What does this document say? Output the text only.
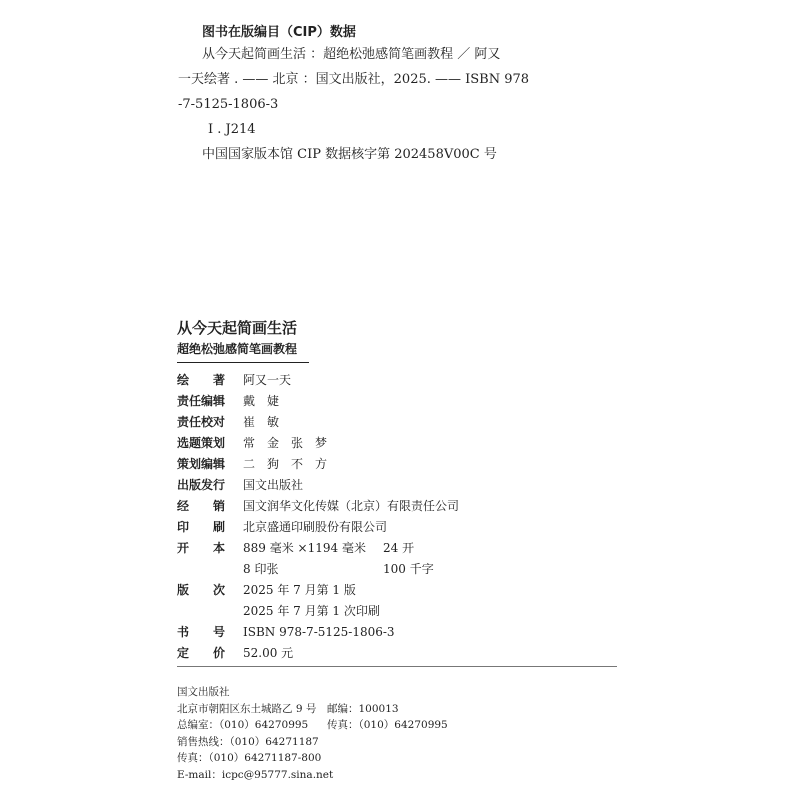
图书在版编目（CIP）数据
从今天起简画生活 ：超绝松弛感简笔画教程 ／ 阿又
一天绘著 . —— 北京 ：国文出版社，2025. —— ISBN 978
-7-5125-1806-3
Ⅰ . J214
中国国家版本馆 CIP 数据核字第 202458V00C 号
从今天起简画生活
超绝松弛感简笔画教程
绘　　著	阿又一天
责任编辑	戴　婕
责任校对	崔　敏
选题策划	常　金　张　梦
策划编辑	二　狗　不　方
出版发行	国文出版社
经　　销	国文润华文化传媒（北京）有限责任公司
印　　刷	北京盛通印刷股份有限公司
开　　本	889 毫米 ×1194 毫米	24 开
8 印张	100 千字
版　　次	2025 年 7 月第 1 版
2025 年 7 月第 1 次印刷
书　　号	ISBN 978-7-5125-1806-3
定　　价	52.00 元
国文出版社
北京市朝阳区东土城路乙 9 号	邮编：100013
总编室：（010）64270995	传真：（010）64270995
销售热线：（010）64271187
传真：（010）64271187-800
E-mail：icpc@95777.sina.net
